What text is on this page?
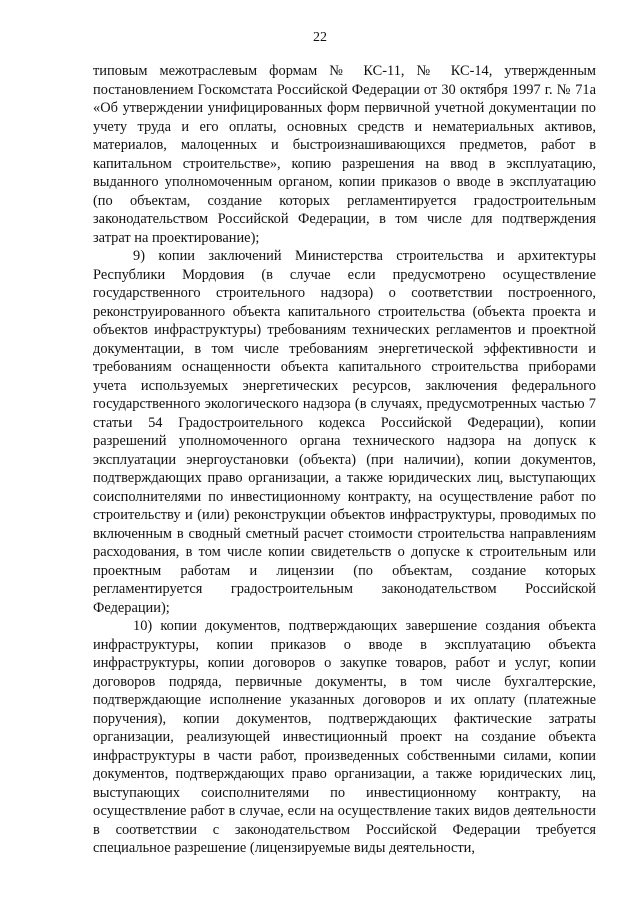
22

типовым межотраслевым формам № КС-11, № КС-14, утвержденным постановлением Госкомстата Российской Федерации от 30 октября 1997 г. № 71а «Об утверждении унифицированных форм первичной учетной документации по учету труда и его оплаты, основных средств и нематериальных активов, материалов, малоценных и быстроизнашивающихся предметов, работ в капитальном строительстве», копию разрешения на ввод в эксплуатацию, выданного уполномоченным органом, копии приказов о вводе в эксплуатацию (по объектам, создание которых регламентируется градостроительным законодательством Российской Федерации, в том числе для подтверждения затрат на проектирование);

9) копии заключений Министерства строительства и архитектуры Республики Мордовия (в случае если предусмотрено осуществление государственного строительного надзора) о соответствии построенного, реконструированного объекта капитального строительства (объекта проекта и объектов инфраструктуры) требованиям технических регламентов и проектной документации, в том числе требованиям энергетической эффективности и требованиям оснащенности объекта капитального строительства приборами учета используемых энергетических ресурсов, заключения федерального государственного экологического надзора (в случаях, предусмотренных частью 7 статьи 54 Градостроительного кодекса Российской Федерации), копии разрешений уполномоченного органа технического надзора на допуск к эксплуатации энергоустановки (объекта) (при наличии), копии документов, подтверждающих право организации, а также юридических лиц, выступающих соисполнителями по инвестиционному контракту, на осуществление работ по строительству и (или) реконструкции объектов инфраструктуры, проводимых по включенным в сводный сметный расчет стоимости строительства направлениям расходования, в том числе копии свидетельств о допуске к строительным или проектным работам и лицензии (по объектам, создание которых регламентируется градостроительным законодательством Российской Федерации);

10) копии документов, подтверждающих завершение создания объекта инфраструктуры, копии приказов о вводе в эксплуатацию объекта инфраструктуры, копии договоров о закупке товаров, работ и услуг, копии договоров подряда, первичные документы, в том числе бухгалтерские, подтверждающие исполнение указанных договоров и их оплату (платежные поручения), копии документов, подтверждающих фактические затраты организации, реализующей инвестиционный проект на создание объекта инфраструктуры в части работ, произведенных собственными силами, копии документов, подтверждающих право организации, а также юридических лиц, выступающих соисполнителями по инвестиционному контракту, на осуществление работ в случае, если на осуществление таких видов деятельности в соответствии с законодательством Российской Федерации требуется специальное разрешение (лицензируемые виды деятельности,
